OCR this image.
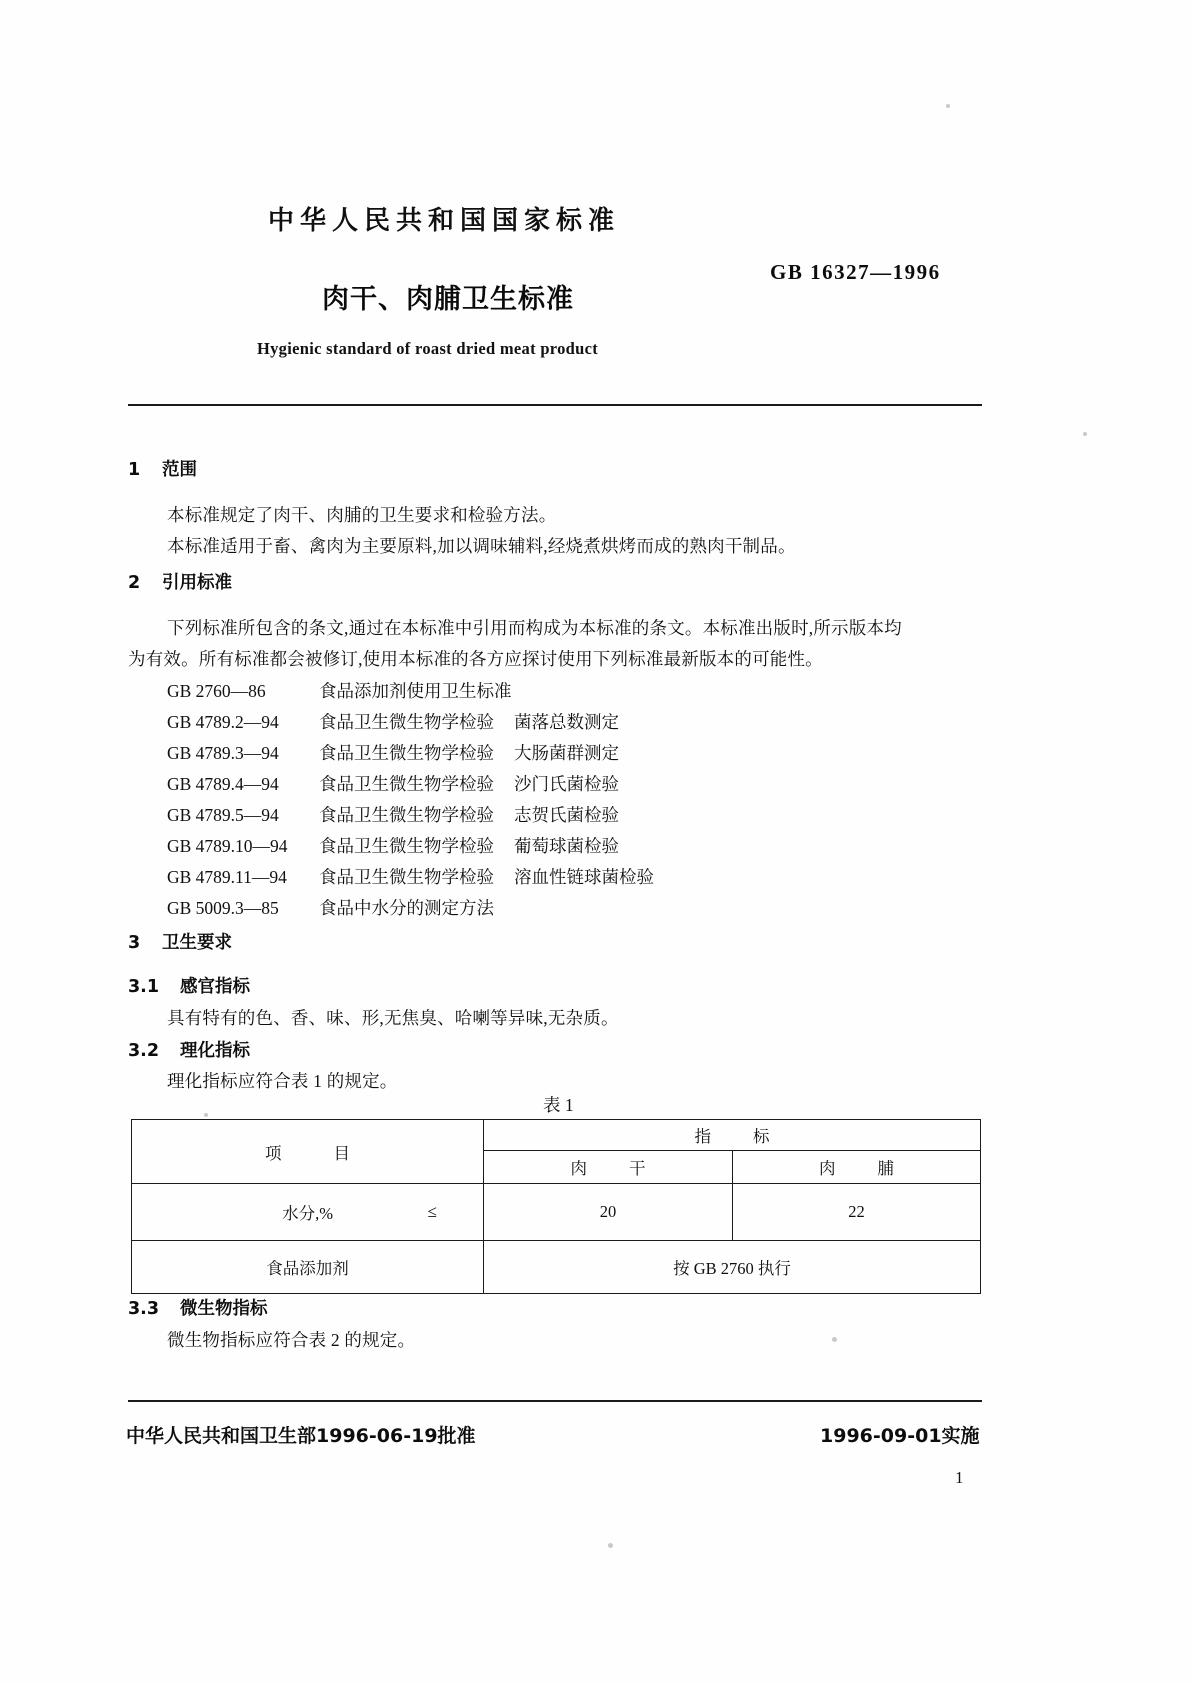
中华人民共和国国家标准
GB 16327—1996
肉干、肉脯卫生标准
Hygienic standard of roast dried meat product
1 范围
本标准规定了肉干、肉脯的卫生要求和检验方法。
本标准适用于畜、禽肉为主要原料,加以调味辅料,经烧煮烘烤而成的熟肉干制品。
2 引用标准
下列标准所包含的条文,通过在本标准中引用而构成为本标准的条文。本标准出版时,所示版本均
为有效。所有标准都会被修订,使用本标准的各方应探讨使用下列标准最新版本的可能性。
GB 2760—86	食品添加剂使用卫生标准
GB 4789.2—94 食品卫生微生物学检验 菌落总数测定
GB 4789.3—94 食品卫生微生物学检验 大肠菌群测定
GB 4789.4—94 食品卫生微生物学检验 沙门氏菌检验
GB 4789.5—94 食品卫生微生物学检验 志贺氏菌检验
GB 4789.10—94 食品卫生微生物学检验 葡萄球菌检验
GB 4789.11—94 食品卫生微生物学检验 溶血性链球菌检验
GB 5009.3—85 食品中水分的测定方法
3 卫生要求
3.1 感官指标
具有特有的色、香、味、形,无焦臭、哈喇等异味,无杂质。
3.2 理化指标
理化指标应符合表 1 的规定。
表 1
项目	指标	
	肉干	肉脯
水分,% ≤	20	22
食品添加剂	按 GB 2760 执行	
3.3 微生物指标
微生物指标应符合表 2 的规定。
中华人民共和国卫生部1996-06-19批准	1996-09-01实施
1
